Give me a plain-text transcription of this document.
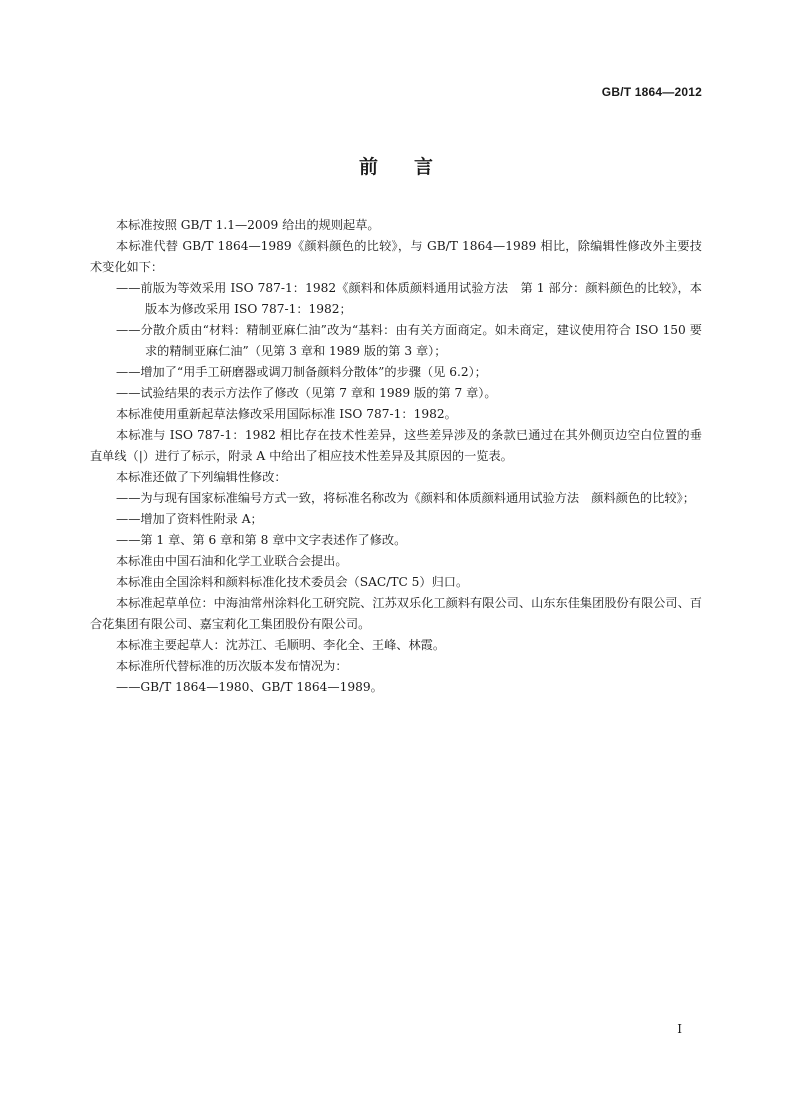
GB/T 1864—2012
前言

本标准按照 GB/T 1.1—2009 给出的规则起草。

本标准代替 GB/T 1864—1989《颜料颜色的比较》，与 GB/T 1864—1989 相比，除编辑性修改外主要技术变化如下：

——前版为等效采用 ISO 787-1：1982《颜料和体质颜料通用试验方法　第 1 部分：颜料颜色的比较》，本版本为修改采用 ISO 787-1：1982；

——分散介质由“材料：精制亚麻仁油”改为“基料：由有关方面商定。如未商定，建议使用符合 ISO 150 要求的精制亚麻仁油”（见第 3 章和 1989 版的第 3 章）；

——增加了“用手工研磨器或调刀制备颜料分散体”的步骤（见 6.2）；

——试验结果的表示方法作了修改（见第 7 章和 1989 版的第 7 章）。

本标准使用重新起草法修改采用国际标准 ISO 787-1：1982。

本标准与 ISO 787-1：1982 相比存在技术性差异，这些差异涉及的条款已通过在其外侧页边空白位置的垂直单线（|）进行了标示，附录 A 中给出了相应技术性差异及其原因的一览表。

本标准还做了下列编辑性修改：

——为与现有国家标准编号方式一致，将标准名称改为《颜料和体质颜料通用试验方法　颜料颜色的比较》；

——增加了资料性附录 A；

——第 1 章、第 6 章和第 8 章中文字表述作了修改。

本标准由中国石油和化学工业联合会提出。

本标准由全国涂料和颜料标准化技术委员会（SAC/TC 5）归口。

本标准起草单位：中海油常州涂料化工研究院、江苏双乐化工颜料有限公司、山东东佳集团股份有限公司、百合花集团有限公司、嘉宝莉化工集团股份有限公司。

本标准主要起草人：沈苏江、毛顺明、李化全、王峰、林霞。

本标准所代替标准的历次版本发布情况为：

——GB/T 1864—1980、GB/T 1864—1989。

I
